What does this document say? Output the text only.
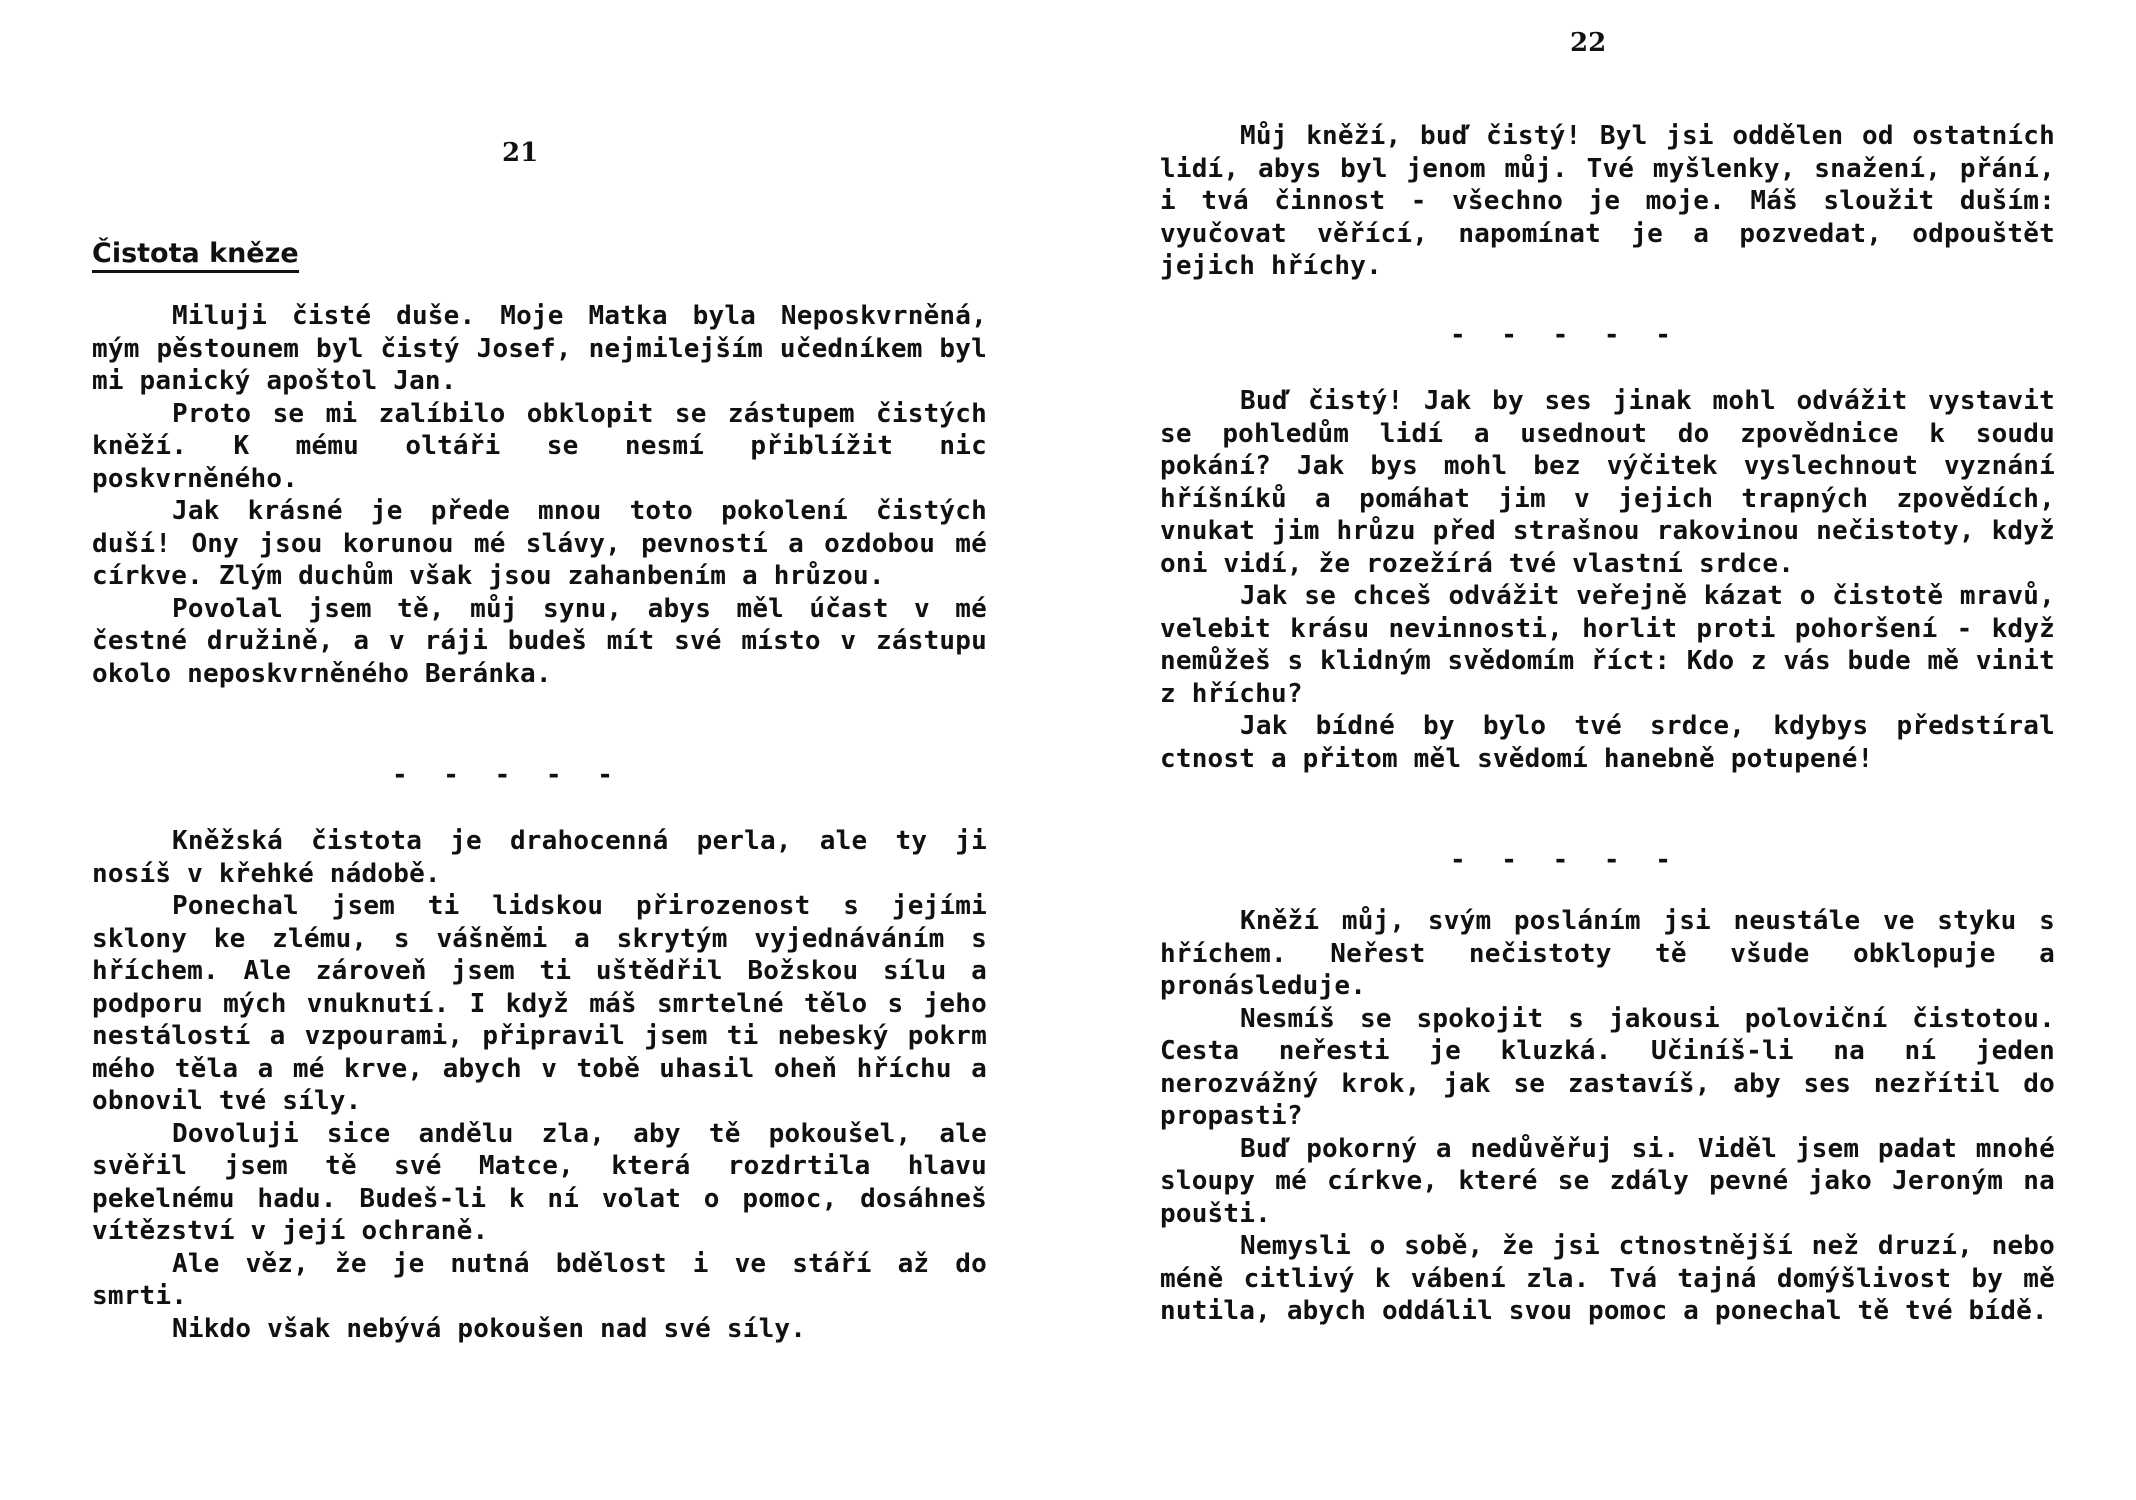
21
Čistota kněze

Miluji čisté duše. Moje Matka byla Neposkvrněná, mým pěstounem byl čistý Josef, nejmilejším učedníkem byl mi panický apoštol Jan.

Proto se mi zalíbilo obklopit se zástupem čistých kněží. K mému oltáři se nesmí přiblížit nic poskvrněného.

Jak krásné je přede mnou toto pokolení čistých duší! Ony jsou korunou mé slávy, pevností a ozdobou mé církve. Zlým duchům však jsou zahanbením a hrůzou.

Povolal jsem tě, můj synu, abys měl účast v mé čestné družině, a v ráji budeš mít své místo v zástupu okolo neposkvrněného Beránka.

- - - - -

Kněžská čistota je drahocenná perla, ale ty ji nosíš v křehké nádobě.

Ponechal jsem ti lidskou přirozenost s jejími sklony ke zlému, s vášněmi a skrytým vyjednáváním s hříchem. Ale zároveň jsem ti uštědřil Božskou sílu a podporu mých vnuknutí. I když máš smrtelné tělo s jeho nestálostí a vzpourami, připravil jsem ti nebeský pokrm mého těla a mé krve, abych v tobě uhasil oheň hříchu a obnovil tvé síly.

Dovoluji sice andělu zla, aby tě pokoušel, ale svěřil jsem tě své Matce, která rozdrtila hlavu pekelnému hadu. Budeš-li k ní volat o pomoc, dosáhneš vítězství v její ochraně.

Ale věz, že je nutná bdělost i ve stáří až do smrti.

Nikdo však nebývá pokoušen nad své síly.

22

Můj kněží, buď čistý! Byl jsi oddělen od ostatních lidí, abys byl jenom můj. Tvé myšlenky, snažení, přání, i tvá činnost - všechno je moje. Máš sloužit duším: vyučovat věřící, napomínat je a pozvedat, odpouštět jejich hříchy.

- - - - -

Buď čistý! Jak by ses jinak mohl odvážit vystavit se pohledům lidí a usednout do zpovědnice k soudu pokání? Jak bys mohl bez výčitek vyslechnout vyznání hříšníků a pomáhat jim v jejich trapných zpovědích, vnukat jim hrůzu před strašnou rakovinou nečistoty, když oni vidí, že rozežírá tvé vlastní srdce.

Jak se chceš odvážit veřejně kázat o čistotě mravů, velebit krásu nevinnosti, horlit proti pohoršení - když nemůžeš s klidným svědomím říct: Kdo z vás bude mě vinit z hříchu?

Jak bídné by bylo tvé srdce, kdybys předstíral ctnost a přitom měl svědomí hanebně potupené!

- - - - -

Kněží můj, svým posláním jsi neustále ve styku s hříchem. Neřest nečistoty tě všude obklopuje a pronásleduje.

Nesmíš se spokojit s jakousi poloviční čistotou. Cesta neřesti je kluzká. Učiníš-li na ní jeden nerozvážný krok, jak se zastavíš, aby ses nezřítil do propasti?

Buď pokorný a nedůvěřuj si. Viděl jsem padat mnohé sloupy mé církve, které se zdály pevné jako Jeroným na poušti.

Nemysli o sobě, že jsi ctnostnější než druzí, nebo méně citlivý k vábení zla. Tvá tajná domýšlivost by mě nutila, abych oddálil svou pomoc a ponechal tě tvé bídě.
